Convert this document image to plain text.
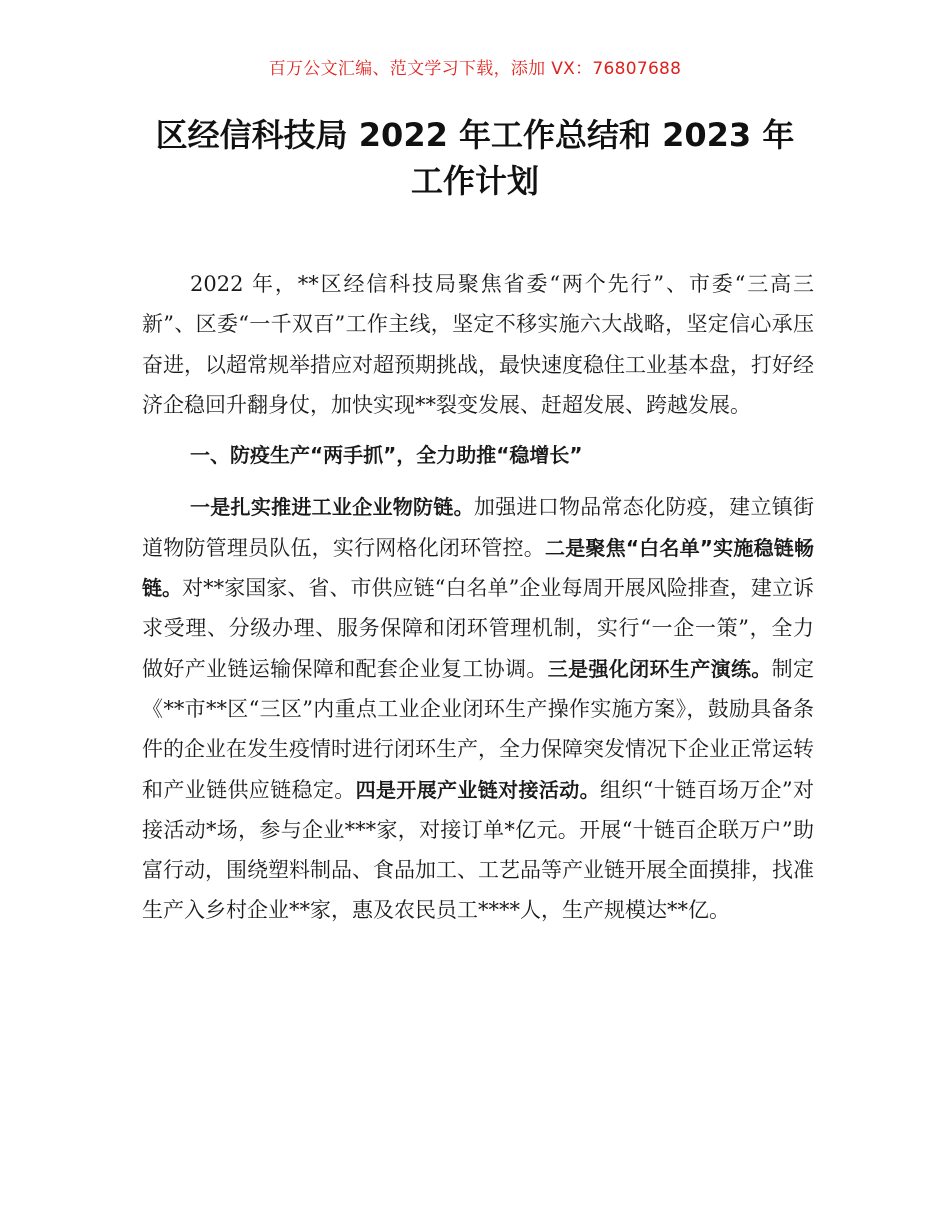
百万公文汇编、范文学习下载，添加 VX：76807688
区经信科技局 2022 年工作总结和 2023 年
工作计划

2022 年，**区经信科技局聚焦省委“两个先行”、市委“三高三新”、区委“一千双百”工作主线，坚定不移实施六大战略，坚定信心承压奋进，以超常规举措应对超预期挑战，最快速度稳住工业基本盘，打好经济企稳回升翻身仗，加快实现**裂变发展、赶超发展、跨越发展。

一、防疫生产“两手抓”，全力助推“稳增长”

一是扎实推进工业企业物防链。加强进口物品常态化防疫，建立镇街道物防管理员队伍，实行网格化闭环管控。二是聚焦“白名单”实施稳链畅链。对**家国家、省、市供应链“白名单”企业每周开展风险排查，建立诉求受理、分级办理、服务保障和闭环管理机制，实行“一企一策”，全力做好产业链运输保障和配套企业复工协调。三是强化闭环生产演练。制定《**市**区“三区”内重点工业企业闭环生产操作实施方案》，鼓励具备条件的企业在发生疫情时进行闭环生产，全力保障突发情况下企业正常运转和产业链供应链稳定。四是开展产业链对接活动。组织“十链百场万企”对接活动*场，参与企业***家，对接订单*亿元。开展“十链百企联万户”助富行动，围绕塑料制品、食品加工、工艺品等产业链开展全面摸排，找准生产入乡村企业**家，惠及农民员工****人，生产规模达**亿。
